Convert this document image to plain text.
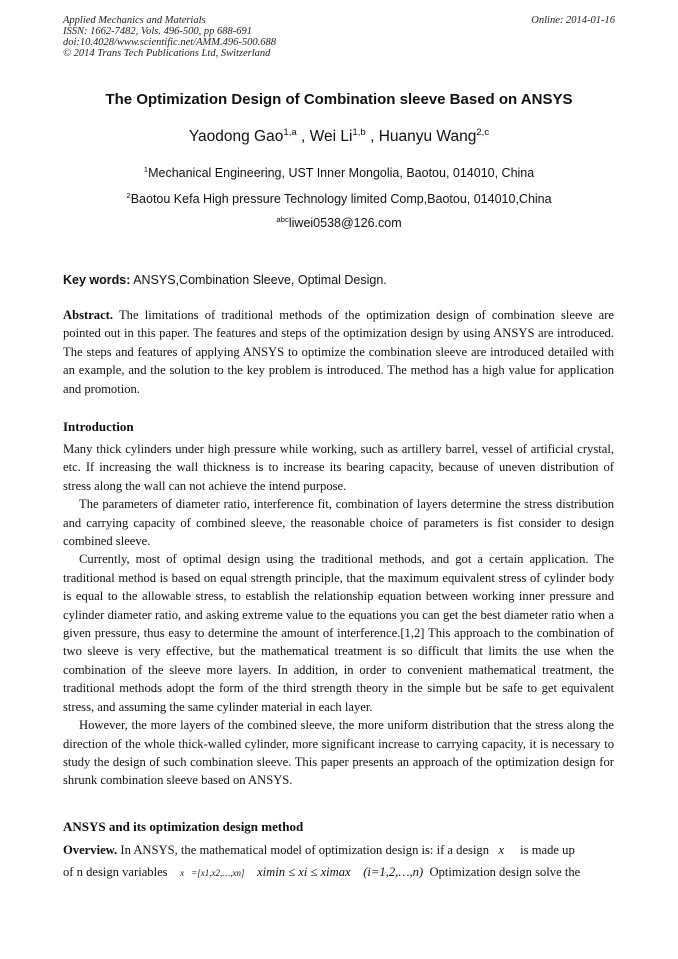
Applied Mechanics and Materials
ISSN: 1662-7482, Vols. 496-500, pp 688-691
doi:10.4028/www.scientific.net/AMM.496-500.688
© 2014 Trans Tech Publications Ltd, Switzerland
Online: 2014-01-16
The Optimization Design of Combination sleeve Based on ANSYS
Yaodong Gao$^{1,a}$ , Wei Li$^{1,b}$ , Huanyu Wang$^{2,c}$
$^1$Mechanical Engineering, UST Inner Mongolia, Baotou, 014010, China
$^2$Baotou Kefa High pressure Technology limited Comp,Baotou, 014010,China
$^{abc}$liwei0538@126.com
Key words: ANSYS,Combination Sleeve, Optimal Design.

Abstract. The limitations of traditional methods of the optimization design of combination sleeve are pointed out in this paper. The features and steps of the optimization design by using ANSYS are introduced. The steps and features of applying ANSYS to optimize the combination sleeve are introduced detailed with an example, and the solution to the key problem is introduced. The method has a high value for application and promotion.

Introduction

Many thick cylinders under high pressure while working, such as artillery barrel, vessel of artificial crystal, etc. If increasing the wall thickness is to increase its bearing capacity, because of uneven distribution of stress along the wall can not achieve the intend purpose.

The parameters of diameter ratio, interference fit, combination of layers determine the stress distribution and carrying capacity of combined sleeve, the reasonable choice of parameters is fist consider to design combined sleeve.

Currently, most of optimal design using the traditional methods, and got a certain application. The traditional method is based on equal strength principle, that the maximum equivalent stress of cylinder body is equal to the allowable stress, to establish the relationship equation between working inner pressure and cylinder diameter ratio, and asking extreme value to the equations you can get the best diameter ratio when a given pressure, thus easy to determine the amount of interference.[1,2] This approach to the combination of two sleeve is very effective, but the mathematical treatment is so difficult that limits the use when the combination of the sleeve more layers. In addition, in order to convenient mathematical treatment, the traditional methods adopt the form of the third strength theory in the simple but be safe to get equivalent stress, and assuming the same cylinder material in each layer.

However, the more layers of the combined sleeve, the more uniform distribution that the stress along the direction of the whole thick-walled cylinder, more significant increase to carrying capacity, it is necessary to study the design of such combination sleeve. This paper presents an approach of the optimization design for shrunk combination sleeve based on ANSYS.

ANSYS and its optimization design method

Overview. In ANSYS, the mathematical model of optimization design is: if a design x⃗ is made up

of n design variables x⃗=[x1,x2,…,xn] ximin ≤ xi ≤ ximax (i=1,2,…,n) Optimization design solve the
